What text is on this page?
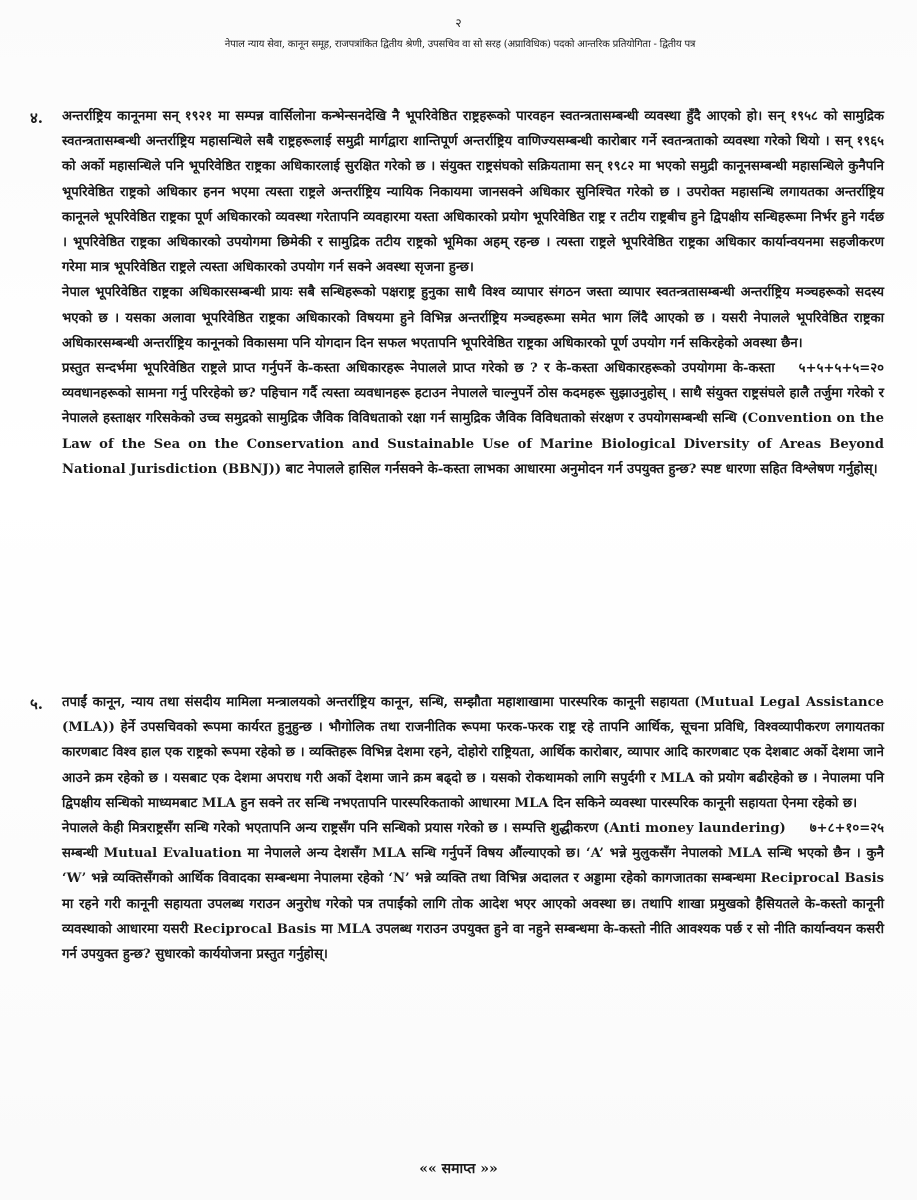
२
नेपाल न्याय सेवा, कानून समूह, राजपत्रांकित द्वितीय श्रेणी, उपसचिव वा सो सरह (अप्राविधिक) पदको आन्तरिक प्रतियोगिता - द्वितीय पत्र
४.	अन्तर्राष्ट्रिय कानूनमा सन् १९२१ मा सम्पन्न वार्सिलोना कन्भेन्सनदेखि नै भूपरिवेष्ठित राष्ट्रहरूको पारवहन स्वतन्त्रतासम्बन्धी व्यवस्था हुँदै आएको हो। सन् १९५८ को सामुद्रिक स्वतन्त्रतासम्बन्धी अन्तर्राष्ट्रिय महासन्धिले सबै राष्ट्रहरूलाई समुद्री मार्गद्वारा शान्तिपूर्ण अन्तर्राष्ट्रिय वाणिज्यसम्बन्धी कारोबार गर्ने स्वतन्त्रताको व्यवस्था गरेको थियो । सन् १९६५ को अर्को महासन्धिले पनि भूपरिवेष्ठित राष्ट्रका अधिकारलाई सुरक्षित गरेको छ । संयुक्त राष्ट्रसंघको सक्रियतामा सन् १९८२ मा भएको समुद्री कानूनसम्बन्धी महासन्धिले कुनैपनि भूपरिवेष्ठित राष्ट्रको अधिकार हनन भएमा त्यस्ता राष्ट्रले अन्तर्राष्ट्रिय न्यायिक निकायमा जानसक्ने अधिकार सुनिश्चित गरेको छ । उपरोक्त महासन्धि लगायतका अन्तर्राष्ट्रिय कानूनले भूपरिवेष्ठित राष्ट्रका पूर्ण अधिकारको व्यवस्था गरेतापनि व्यवहारमा यस्ता अधिकारको प्रयोग भूपरिवेष्ठित राष्ट्र र तटीय राष्ट्रबीच हुने द्विपक्षीय सन्धिहरूमा निर्भर हुने गर्दछ । भूपरिवेष्ठित राष्ट्रका अधिकारको उपयोगमा छिमेकी र सामुद्रिक तटीय राष्ट्रको भूमिका अहम् रहन्छ । त्यस्ता राष्ट्रले भूपरिवेष्ठित राष्ट्रका अधिकार कार्यान्वयनमा सहजीकरण गरेमा मात्र भूपरिवेष्ठित राष्ट्रले त्यस्ता अधिकारको उपयोग गर्न सक्ने अवस्था सृजना हुन्छ।

नेपाल भूपरिवेष्ठित राष्ट्रका अधिकारसम्बन्धी प्रायः सबै सन्धिहरूको पक्षराष्ट्र हुनुका साथै विश्व व्यापार संगठन जस्ता व्यापार स्वतन्त्रतासम्बन्धी अन्तर्राष्ट्रिय मञ्चहरूको सदस्य भएको छ । यसका अलावा भूपरिवेष्ठित राष्ट्रका अधिकारको विषयमा हुने विभिन्न अन्तर्राष्ट्रिय मञ्चहरूमा समेत भाग लिंदै आएको छ । यसरी नेपालले भूपरिवेष्ठित राष्ट्रका अधिकारसम्बन्धी अन्तर्राष्ट्रिय कानूनको विकासमा पनि योगदान दिन सफल भएतापनि भूपरिवेष्ठित राष्ट्रका अधिकारको पूर्ण उपयोग गर्न सकिरहेको अवस्था छैन।

५+५+५+५=२०
प्रस्तुत सन्दर्भमा भूपरिवेष्ठित राष्ट्रले प्राप्त गर्नुपर्ने के-कस्ता अधिकारहरू नेपालले प्राप्त गरेको छ ? र के-कस्ता अधिकारहरूको उपयोगमा के-कस्ता व्यवधानहरूको सामना गर्नु परिरहेको छ? पहिचान गर्दै त्यस्ता व्यवधानहरू हटाउन नेपालले चाल्नुपर्ने ठोस कदमहरू सुझाउनुहोस् । साथै संयुक्त राष्ट्रसंघले हालै तर्जुमा गरेको र नेपालले हस्ताक्षर गरिसकेको उच्च समुद्रको सामुद्रिक जैविक विविधताको रक्षा गर्न सामुद्रिक जैविक विविधताको संरक्षण र उपयोगसम्बन्धी सन्धि (Convention on the Law of the Sea on the Conservation and Sustainable Use of Marine Biological Diversity of Areas Beyond National Jurisdiction (BBNJ)) बाट नेपालले हासिल गर्नसक्ने के-कस्ता लाभका आधारमा अनुमोदन गर्न उपयुक्त हुन्छ? स्पष्ट धारणा सहित विश्लेषण गर्नुहोस्।

५.	तपाईं कानून, न्याय तथा संसदीय मामिला मन्त्रालयको अन्तर्राष्ट्रिय कानून, सन्धि, सम्झौता महाशाखामा पारस्परिक कानूनी सहायता (Mutual Legal Assistance (MLA)) हेर्ने उपसचिवको रूपमा कार्यरत हुनुहुन्छ । भौगोलिक तथा राजनीतिक रूपमा फरक-फरक राष्ट्र रहे तापनि आर्थिक, सूचना प्रविधि, विश्वव्यापीकरण लगायतका कारणबाट विश्व हाल एक राष्ट्रको रूपमा रहेको छ । व्यक्तिहरू विभिन्न देशमा रहने, दोहोरो राष्ट्रियता, आर्थिक कारोबार, व्यापार आदि कारणबाट एक देशबाट अर्को देशमा जाने आउने क्रम रहेको छ । यसबाट एक देशमा अपराध गरी अर्को देशमा जाने क्रम बढ्दो छ । यसको रोकथामको लागि सपुर्दगी र MLA को प्रयोग बढीरहेको छ । नेपालमा पनि द्विपक्षीय सन्धिको माध्यमबाट MLA हुन सक्ने तर सन्धि नभएतापनि पारस्परिकताको आधारमा MLA दिन सकिने व्यवस्था पारस्परिक कानूनी सहायता ऐनमा रहेको छ।

७+८+१०=२५
नेपालले केही मित्रराष्ट्रसँग सन्धि गरेको भएतापनि अन्य राष्ट्रसँग पनि सन्धिको प्रयास गरेको छ । सम्पत्ति शुद्धीकरण (Anti money laundering) सम्बन्धी Mutual Evaluation मा नेपालले अन्य देशसँग MLA सन्धि गर्नुपर्ने विषय औंल्याएको छ। ‘A’ भन्ने मुलुकसँग नेपालको MLA सन्धि भएको छैन । कुनै ‘W’ भन्ने व्यक्तिसँगको आर्थिक विवादका सम्बन्धमा नेपालमा रहेको ‘N’ भन्ने व्यक्ति तथा विभिन्न अदालत र अड्डामा रहेको कागजातका सम्बन्धमा Reciprocal Basis मा रहने गरी कानूनी सहायता उपलब्ध गराउन अनुरोध गरेको पत्र तपाईंको लागि तोक आदेश भएर आएको अवस्था छ। तथापि शाखा प्रमुखको हैसियतले के-कस्तो कानूनी व्यवस्थाको आधारमा यसरी Reciprocal Basis मा MLA उपलब्ध गराउन उपयुक्त हुने वा नहुने सम्बन्धमा के-कस्तो नीति आवश्यक पर्छ र सो नीति कार्यान्वयन कसरी गर्न उपयुक्त हुन्छ? सुधारको कार्ययोजना प्रस्तुत गर्नुहोस्।

«« समाप्त »»
